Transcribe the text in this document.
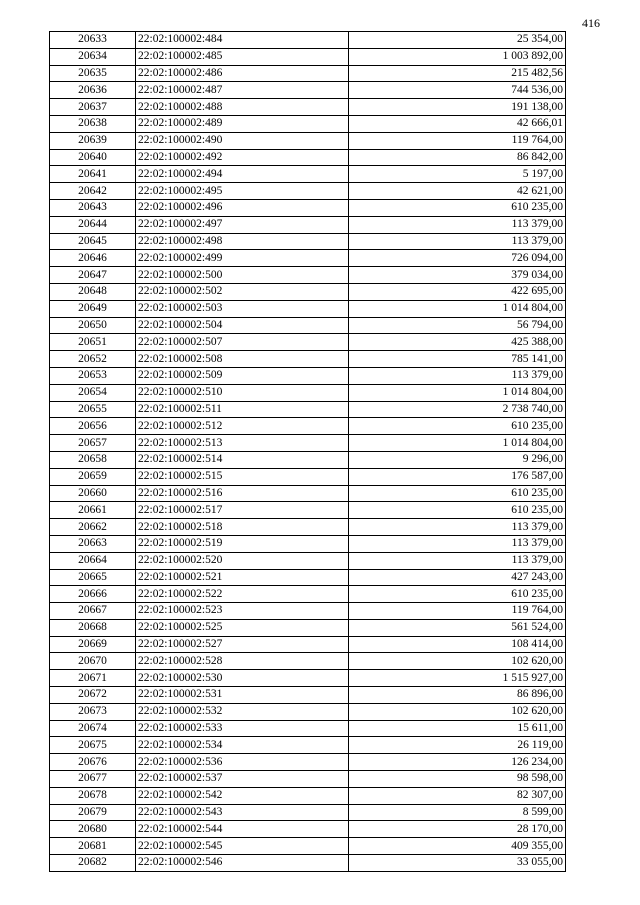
416
20633	22:02:100002:484	25 354,00
20634	22:02:100002:485	1 003 892,00
20635	22:02:100002:486	215 482,56
20636	22:02:100002:487	744 536,00
20637	22:02:100002:488	191 138,00
20638	22:02:100002:489	42 666,01
20639	22:02:100002:490	119 764,00
20640	22:02:100002:492	86 842,00
20641	22:02:100002:494	5 197,00
20642	22:02:100002:495	42 621,00
20643	22:02:100002:496	610 235,00
20644	22:02:100002:497	113 379,00
20645	22:02:100002:498	113 379,00
20646	22:02:100002:499	726 094,00
20647	22:02:100002:500	379 034,00
20648	22:02:100002:502	422 695,00
20649	22:02:100002:503	1 014 804,00
20650	22:02:100002:504	56 794,00
20651	22:02:100002:507	425 388,00
20652	22:02:100002:508	785 141,00
20653	22:02:100002:509	113 379,00
20654	22:02:100002:510	1 014 804,00
20655	22:02:100002:511	2 738 740,00
20656	22:02:100002:512	610 235,00
20657	22:02:100002:513	1 014 804,00
20658	22:02:100002:514	9 296,00
20659	22:02:100002:515	176 587,00
20660	22:02:100002:516	610 235,00
20661	22:02:100002:517	610 235,00
20662	22:02:100002:518	113 379,00
20663	22:02:100002:519	113 379,00
20664	22:02:100002:520	113 379,00
20665	22:02:100002:521	427 243,00
20666	22:02:100002:522	610 235,00
20667	22:02:100002:523	119 764,00
20668	22:02:100002:525	561 524,00
20669	22:02:100002:527	108 414,00
20670	22:02:100002:528	102 620,00
20671	22:02:100002:530	1 515 927,00
20672	22:02:100002:531	86 896,00
20673	22:02:100002:532	102 620,00
20674	22:02:100002:533	15 611,00
20675	22:02:100002:534	26 119,00
20676	22:02:100002:536	126 234,00
20677	22:02:100002:537	98 598,00
20678	22:02:100002:542	82 307,00
20679	22:02:100002:543	8 599,00
20680	22:02:100002:544	28 170,00
20681	22:02:100002:545	409 355,00
20682	22:02:100002:546	33 055,00
